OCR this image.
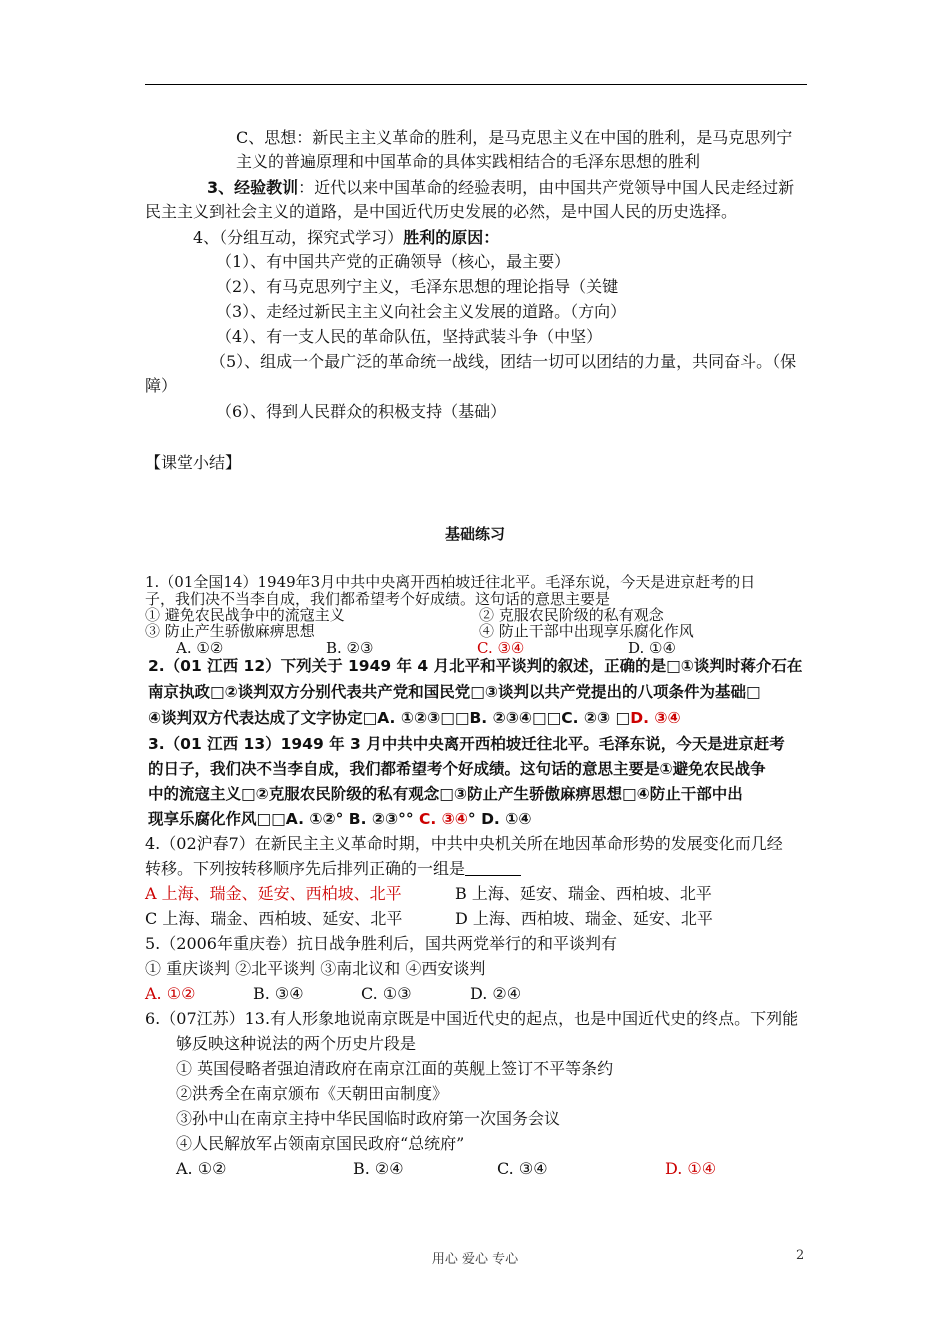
C、思想：新民主主义革命的胜利，是马克思主义在中国的胜利，是马克思列宁
主义的普遍原理和中国革命的具体实践相结合的毛泽东思想的胜利
3、经验教训：近代以来中国革命的经验表明，由中国共产党领导中国人民走经过新
民主主义到社会主义的道路，是中国近代历史发展的必然，是中国人民的历史选择。
4、（分组互动，探究式学习）胜利的原因：
（1）、有中国共产党的正确领导（核心，最主要）
（2）、有马克思列宁主义，毛泽东思想的理论指导（关键
（3）、走经过新民主主义向社会主义发展的道路。（方向）
（4）、有一支人民的革命队伍，坚持武装斗争（中坚）
（5）、组成一个最广泛的革命统一战线，团结一切可以团结的力量，共同奋斗。（保
障）
（6）、得到人民群众的积极支持（基础）
【课堂小结】
基础练习
1.（01全国14）1949年3月中共中央离开西柏坡迁往北平。毛泽东说，今天是进京赶考的日
子，我们决不当李自成，我们都希望考个好成绩。这句话的意思主要是
① 避免农民战争中的流寇主义	② 克服农民阶级的私有观念
③ 防止产生骄傲麻痹思想	④ 防止干部中出现享乐腐化作风
A. ①②	B. ②③	C. ③④	D. ①④
2.（01 江西 12）下列关于 1949 年 4 月北平和平谈判的叙述，正确的是□①谈判时蒋介石在
南京执政□②谈判双方分别代表共产党和国民党□③谈判以共产党提出的八项条件为基础□
④谈判双方代表达成了文字协定□A. ①②③□□B. ②③④□□C. ②③ □D. ③④
3.（01 江西 13）1949 年 3 月中共中央离开西柏坡迁往北平。毛泽东说，今天是进京赶考
的日子，我们决不当李自成，我们都希望考个好成绩。这句话的意思主要是①避免农民战争
中的流寇主义□②克服农民阶级的私有观念□③防止产生骄傲麻痹思想□④防止干部中出
现享乐腐化作风□□A. ①②° B. ②③°° C. ③④° D. ①④
4.（02沪春7）在新民主主义革命时期，中共中央机关所在地因革命形势的发展变化而几经
转移。下列按转移顺序先后排列正确的一组是
A 上海、瑞金、延安、西柏坡、北平	B 上海、延安、瑞金、西柏坡、北平
C 上海、瑞金、西柏坡、延安、北平	D 上海、西柏坡、瑞金、延安、北平
5.（2006年重庆卷）抗日战争胜利后，国共两党举行的和平谈判有
① 重庆谈判 ②北平谈判 ③南北议和 ④西安谈判
A. ①②	B. ③④	C. ①③	D. ②④
6.（07江苏）13.有人形象地说南京既是中国近代史的起点，也是中国近代史的终点。下列能
够反映这种说法的两个历史片段是
① 英国侵略者强迫清政府在南京江面的英舰上签订不平等条约
②洪秀全在南京颁布《天朝田亩制度》
③孙中山在南京主持中华民国临时政府第一次国务会议
④人民解放军占领南京国民政府“总统府”
A. ①②	B. ②④	C. ③④	D. ①④
用心 爱心 专心	2
